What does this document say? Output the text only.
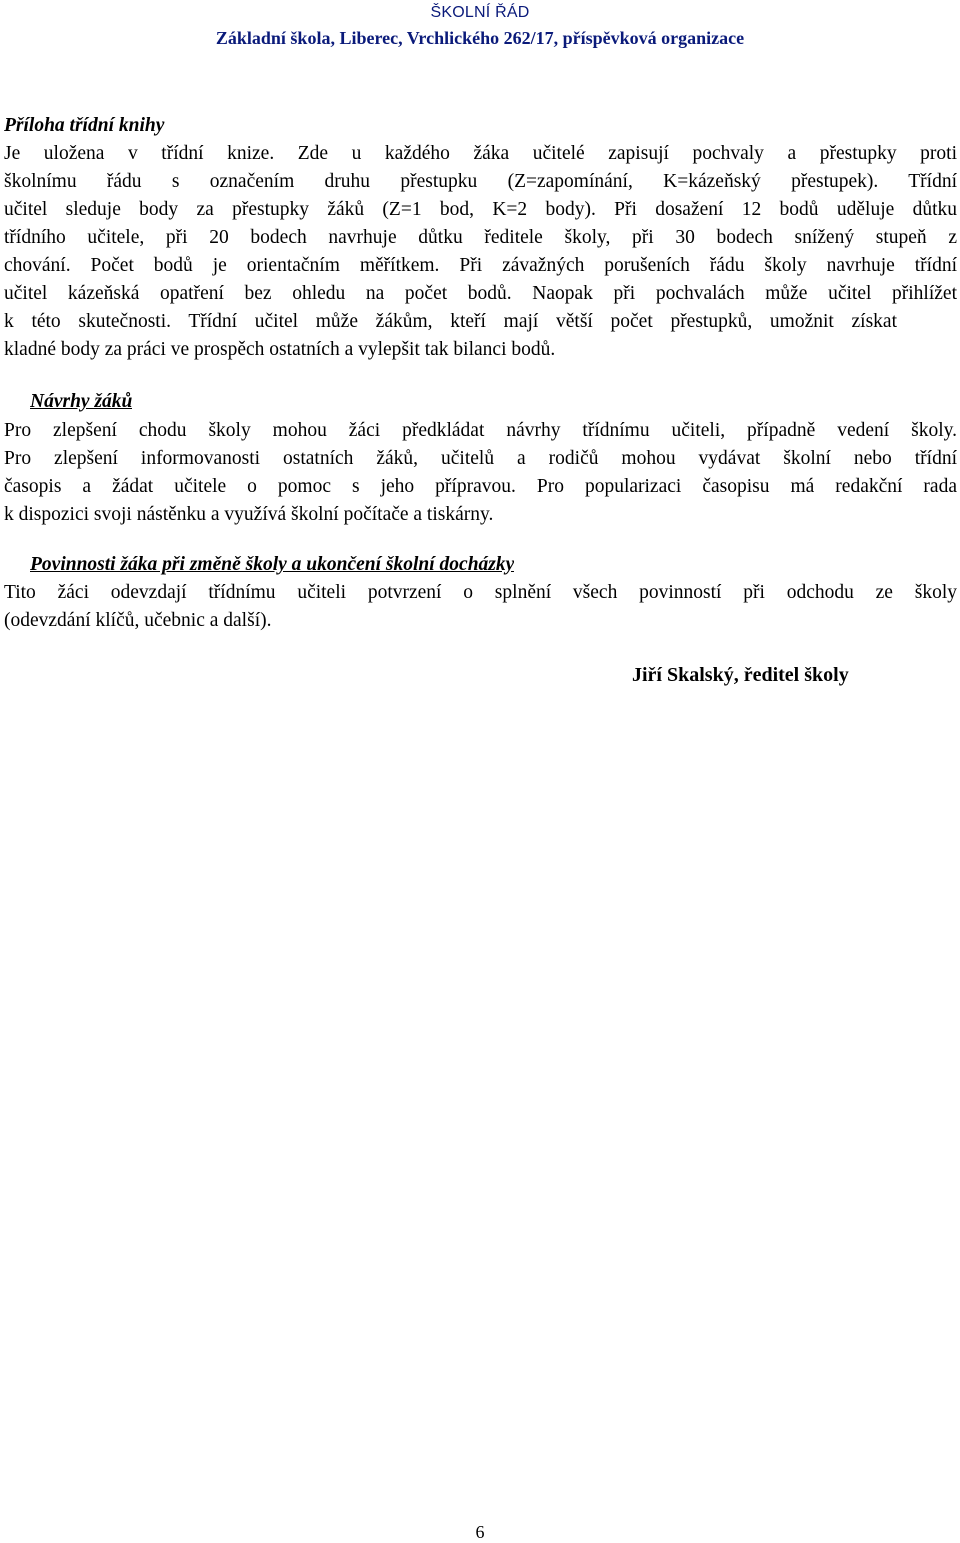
ŠKOLNÍ ŘÁD
Základní škola, Liberec, Vrchlického 262/17, příspěvková organizace
Příloha třídní knihy
Je uložena v třídní knize. Zde u každého žáka učitelé zapisují pochvaly a přestupky proti
školnímu řádu s označením druhu přestupku (Z=zapomínání, K=kázeňský přestupek). Třídní
učitel sleduje body za přestupky žáků (Z=1 bod, K=2 body). Při dosažení 12 bodů uděluje důtku
třídního učitele, při 20 bodech navrhuje důtku ředitele školy, při 30 bodech snížený stupeň z
chování. Počet bodů je orientačním měřítkem. Při závažných porušeních řádu školy navrhuje třídní
učitel kázeňská opatření bez ohledu na počet bodů. Naopak při pochvalách může učitel přihlížet
k této skutečnosti. Třídní učitel může žákům, kteří mají větší počet přestupků, umožnit získat
kladné body za práci ve prospěch ostatních a vylepšit tak bilanci bodů.
Návrhy žáků
Pro zlepšení chodu školy mohou žáci předkládat návrhy třídnímu učiteli, případně vedení školy.
Pro zlepšení informovanosti ostatních žáků, učitelů a rodičů mohou vydávat školní nebo třídní
časopis a žádat učitele o pomoc s jeho přípravou. Pro popularizaci časopisu má redakční rada
k dispozici svoji nástěnku a využívá školní počítače a tiskárny.
Povinnosti žáka při změně školy a ukončení školní docházky
Tito žáci odevzdají třídnímu učiteli potvrzení o splnění všech povinností při odchodu ze školy
(odevzdání klíčů, učebnic a další).
Jiří Skalský, ředitel školy
6
